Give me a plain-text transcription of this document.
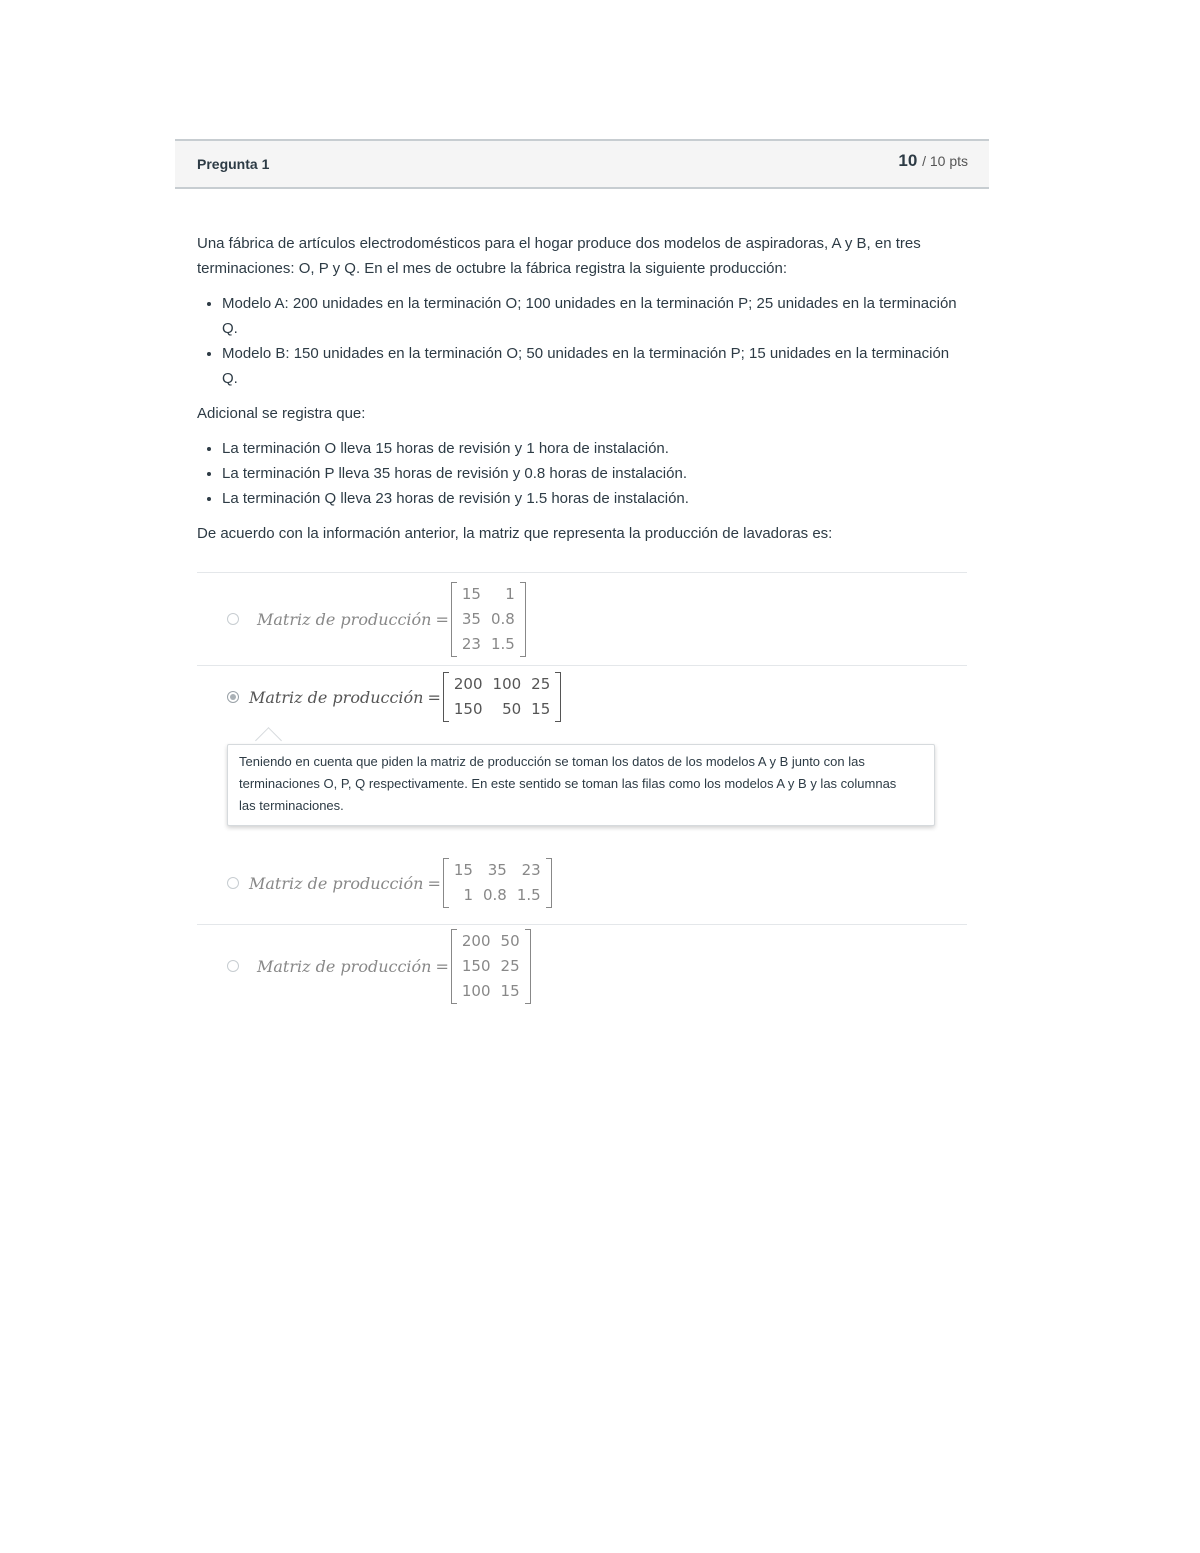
Pregunta 1	10 / 10 pts

Una fábrica de artículos electrodomésticos para el hogar produce dos modelos de aspiradoras, A y B, en tres terminaciones: O, P y Q. En el mes de octubre la fábrica registra la siguiente producción:

• Modelo A: 200 unidades en la terminación O; 100 unidades en la terminación P; 25 unidades en la terminación Q.
• Modelo B: 150 unidades en la terminación O; 50 unidades en la terminación P; 15 unidades en la terminación Q.

Adicional se registra que:

• La terminación O lleva 15 horas de revisión y 1 hora de instalación.
• La terminación P lleva 35 horas de revisión y 0.8 horas de instalación.
• La terminación Q lleva 23 horas de revisión y 1.5 horas de instalación.

De acuerdo con la información anterior, la matriz que representa la producción de lavadoras es:

Matriz de producción =
15	1
35 0.8
23 1.5
Matriz de producción =
200 100 25
150	50 15
Teniendo en cuenta que piden la matriz de producción se toman los datos de los modelos A y B junto con las terminaciones O, P, Q respectivamente. En este sentido se toman las filas como los modelos A y B y las columnas las terminaciones.
Matriz de producción =
15 35 23
1 0.8 1.5
Matriz de producción =
200 50
150 25
100 15
